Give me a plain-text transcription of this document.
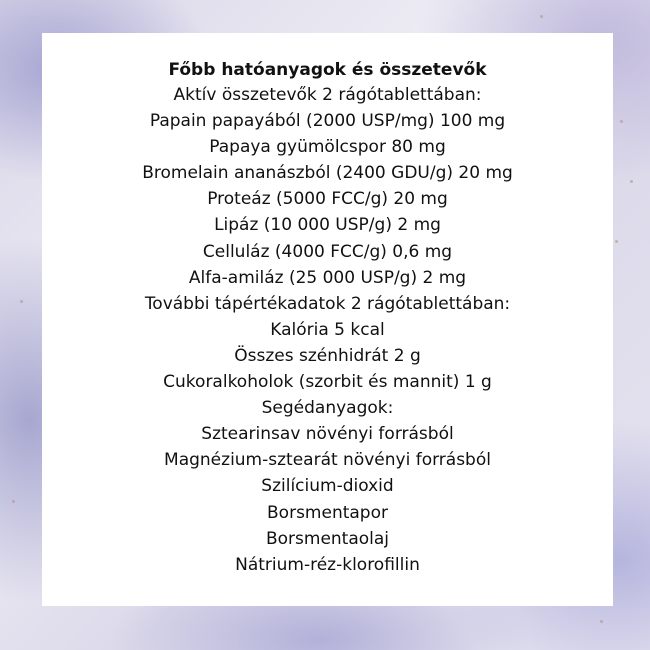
Főbb hatóanyagok és összetevők
Aktív összetevők 2 rágótablettában:
Papain papayából (2000 USP/mg) 100 mg
Papaya gyümölcspor 80 mg
Bromelain ananászból (2400 GDU/g) 20 mg
Proteáz (5000 FCC/g) 20 mg
Lipáz (10 000 USP/g) 2 mg
Celluláz (4000 FCC/g) 0,6 mg
Alfa-amiláz (25 000 USP/g) 2 mg
További tápértékadatok 2 rágótablettában:
Kalória 5 kcal
Összes szénhidrát 2 g
Cukoralkoholok (szorbit és mannit) 1 g
Segédanyagok:
Sztearinsav növényi forrásból
Magnézium-sztearát növényi forrásból
Szilícium-dioxid
Borsmentapor
Borsmentaolaj
Nátrium-réz-klorofillin
